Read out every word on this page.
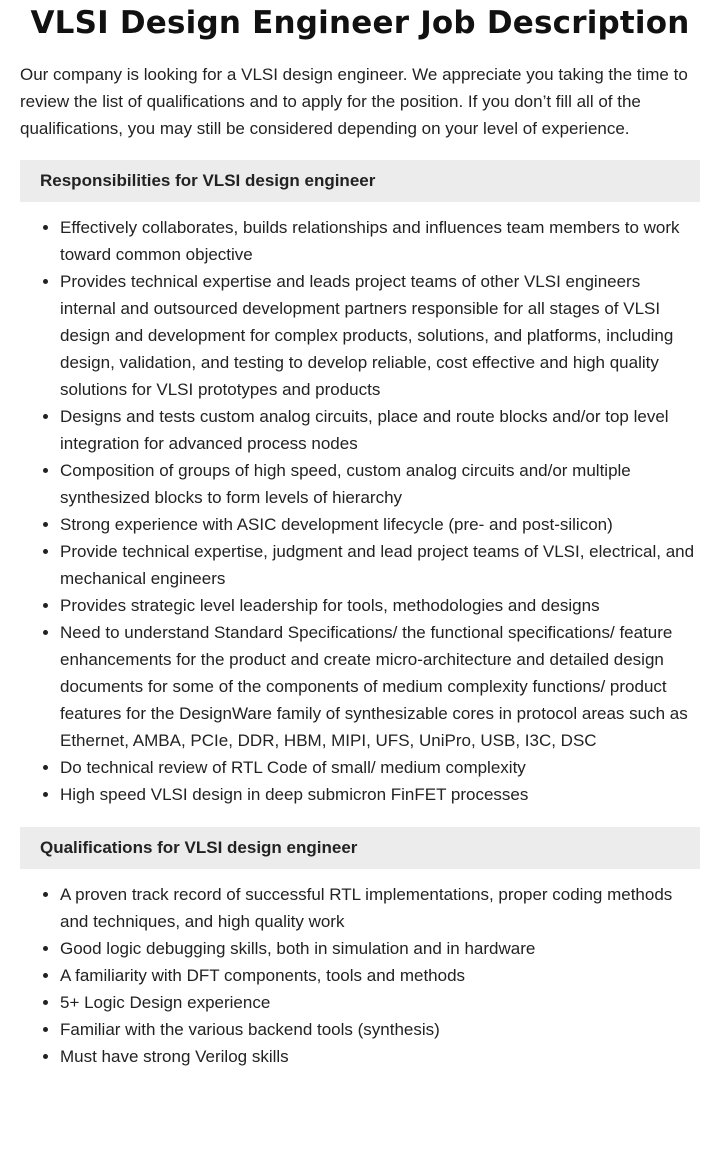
VLSI Design Engineer Job Description

Our company is looking for a VLSI design engineer. We appreciate you taking the time to review the list of qualifications and to apply for the position. If you don’t fill all of the qualifications, you may still be considered depending on your level of experience.

Responsibilities for VLSI design engineer
• Effectively collaborates, builds relationships and influences team members to work toward common objective
• Provides technical expertise and leads project teams of other VLSI engineers internal and outsourced development partners responsible for all stages of VLSI design and development for complex products, solutions, and platforms, including design, validation, and testing to develop reliable, cost effective and high quality solutions for VLSI prototypes and products
• Designs and tests custom analog circuits, place and route blocks and/or top level integration for advanced process nodes
• Composition of groups of high speed, custom analog circuits and/or multiple synthesized blocks to form levels of hierarchy
• Strong experience with ASIC development lifecycle (pre- and post-silicon)
• Provide technical expertise, judgment and lead project teams of VLSI, electrical, and mechanical engineers
• Provides strategic level leadership for tools, methodologies and designs
• Need to understand Standard Specifications/ the functional specifications/ feature enhancements for the product and create micro-architecture and detailed design documents for some of the components of medium complexity functions/ product features for the DesignWare family of synthesizable cores in protocol areas such as Ethernet, AMBA, PCIe, DDR, HBM, MIPI, UFS, UniPro, USB, I3C, DSC
• Do technical review of RTL Code of small/ medium complexity
• High speed VLSI design in deep submicron FinFET processes
Qualifications for VLSI design engineer
• A proven track record of successful RTL implementations, proper coding methods and techniques, and high quality work
• Good logic debugging skills, both in simulation and in hardware
• A familiarity with DFT components, tools and methods
• 5+ Logic Design experience
• Familiar with the various backend tools (synthesis)
• Must have strong Verilog skills
